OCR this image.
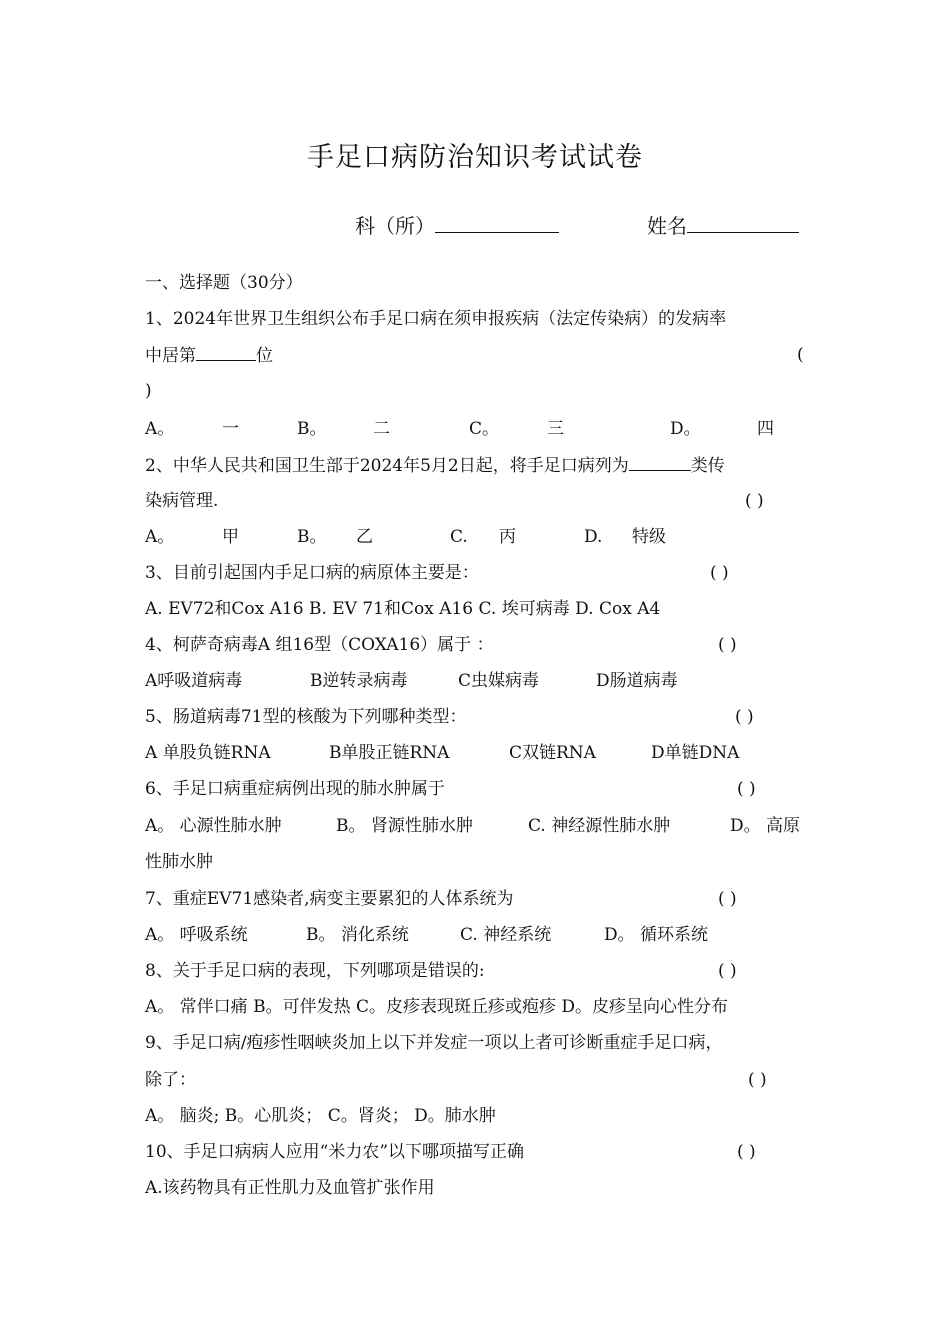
手足口病防治知识考试试卷
科（所）	姓名
一、选择题（30分）
1、2024年世界卫生组织公布手足口病在须申报疾病（法定传染病）的发病率
中居第	位	(
)
A。	一	B。	二	C。	三	D。	四
2、中华人民共和国卫生部于2024年5月2日起，将手足口病列为	类传
染病管理.	( )
A。	甲	B。 乙	C. 丙	D. 特级
3、目前引起国内手足口病的病原体主要是：	( )
A. EV72和Cox A16 B. EV 71和Cox A16 C. 埃可病毒 D. Cox A4
4、柯萨奇病毒A 组16型（COXA16）属于 ：	( )
A呼吸道病毒	B逆转录病毒	C虫媒病毒	D肠道病毒
5、肠道病毒71型的核酸为下列哪种类型：	( )
A 单股负链RNA	B单股正链RNA	C双链RNA	D单链DNA
6、手足口病重症病例出现的肺水肿属于	( )
A。 心源性肺水肿	B。 肾源性肺水肿	C. 神经源性肺水肿	D。 高原
性肺水肿
7、重症EV71感染者,病变主要累犯的人体系统为	( )
A。 呼吸系统	B。 消化系统	C. 神经系统	D。 循环系统
8、关于手足口病的表现，下列哪项是错误的:	( )
A。 常伴口痛 B。可伴发热 C。皮疹表现斑丘疹或疱疹 D。皮疹呈向心性分布
9、手足口病/疱疹性咽峡炎加上以下并发症一项以上者可诊断重症手足口病，
除了：	( )
A。 脑炎; B。心肌炎； C。肾炎； D。肺水肿
10、手足口病病人应用“米力农”以下哪项描写正确	( )
A.该药物具有正性肌力及血管扩张作用
